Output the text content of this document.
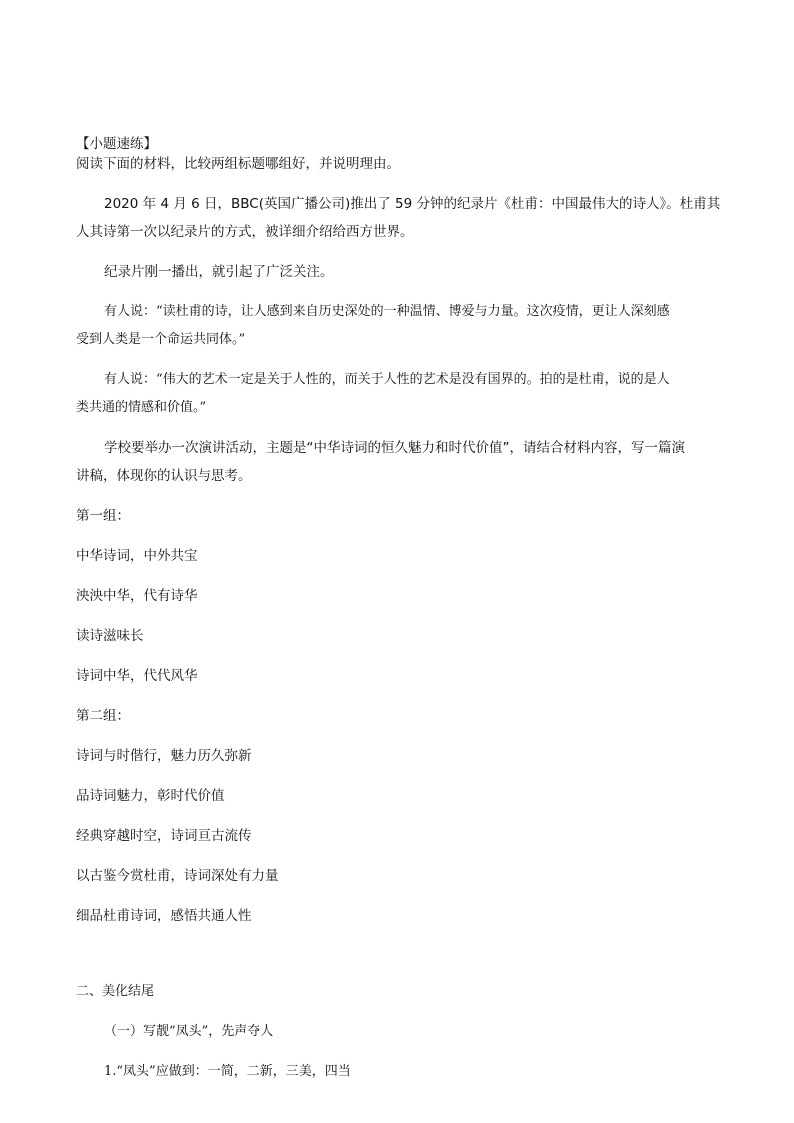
【小题速练】
阅读下面的材料，比较两组标题哪组好，并说明理由。
2020 年 4 月 6 日，BBC(英国广播公司)推出了 59 分钟的纪录片《杜甫：中国最伟大的诗人》。杜甫其
人其诗第一次以纪录片的方式，被详细介绍给西方世界。
纪录片刚一播出，就引起了广泛关注。
有人说：“读杜甫的诗，让人感到来自历史深处的一种温情、博爱与力量。这次疫情，更让人深刻感
受到人类是一个命运共同体。”
有人说：“伟大的艺术一定是关于人性的，而关于人性的艺术是没有国界的。拍的是杜甫，说的是人
类共通的情感和价值。”
学校要举办一次演讲活动，主题是“中华诗词的恒久魅力和时代价值”，请结合材料内容，写一篇演
讲稿，体现你的认识与思考。
第一组：
中华诗词，中外共宝
泱泱中华，代有诗华
读诗滋味长
诗词中华，代代风华
第二组：
诗词与时偕行，魅力历久弥新
品诗词魅力，彰时代价值
经典穿越时空，诗词亘古流传
以古鉴今赏杜甫，诗词深处有力量
细品杜甫诗词，感悟共通人性
二、美化结尾
（一）写靓“凤头”，先声夺人
1.“凤头”应做到：一简，二新，三美，四当
